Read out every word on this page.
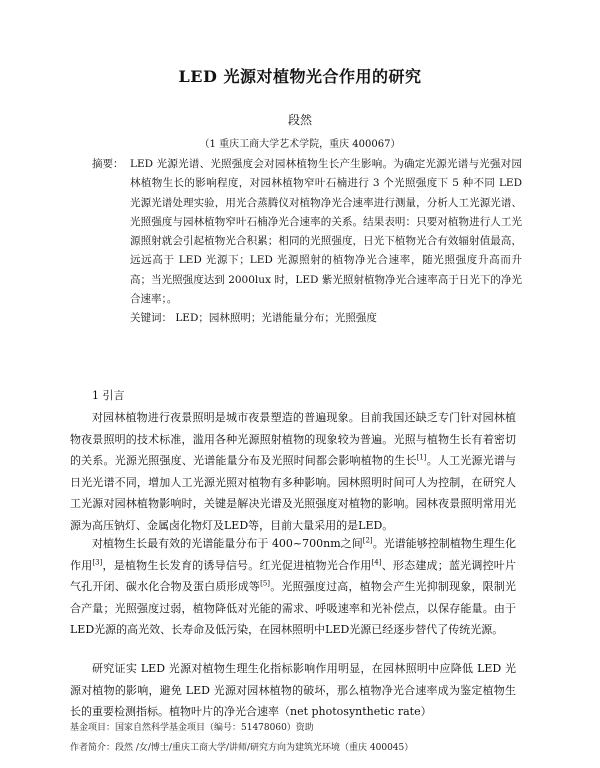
LED 光源对植物光合作用的研究
段然
（1 重庆工商大学艺术学院，重庆 400067）
摘要： LED 光源光谱、光照强度会对园林植物生长产生影响。为确定光源光谱与光强对园林植物生长的影响程度，对园林植物窄叶石楠进行 3 个光照强度下 5 种不同 LED 光源光谱处理实验，用光合蒸腾仪对植物净光合速率进行测量，分析人工光源光谱、光照强度与园林植物窄叶石楠净光合速率的关系。结果表明：只要对植物进行人工光源照射就会引起植物光合积累；相同的光照强度，日光下植物光合有效辐射值最高，远远高于 LED 光源下；LED 光源照射的植物净光合速率，随光照强度升高而升高；当光照强度达到 2000lux 时，LED 紫光照射植物净光合速率高于日光下的净光合速率；。
关键词： LED；园林照明；光谱能量分布；光照强度
1 引言
对园林植物进行夜景照明是城市夜景塑造的普遍现象。目前我国还缺乏专门针对园林植物夜景照明的技术标准，滥用各种光源照射植物的现象较为普遍。光照与植物生长有着密切的关系。光源光照强度、光谱能量分布及光照时间都会影响植物的生长[1]。人工光源光谱与日光光谱不同，增加人工光源光照对植物有多种影响。园林照明时间可人为控制，在研究人工光源对园林植物影响时，关键是解决光谱及光照强度对植物的影响。园林夜景照明常用光源为高压钠灯、金属卤化物灯及LED等，目前大量采用的是LED。
对植物生长最有效的光谱能量分布于 400~700nm之间[2]。光谱能够控制植物生理生化作用[3]，是植物生长发育的诱导信号。红光促进植物光合作用[4]、形态建成；蓝光调控叶片气孔开闭、碳水化合物及蛋白质形成等[5]。光照强度过高，植物会产生光抑制现象，限制光合产量；光照强度过弱，植物降低对光能的需求、呼吸速率和光补偿点，以保存能量。由于LED光源的高光效、长寿命及低污染，在园林照明中LED光源已经逐步替代了传统光源。
研究证实 LED 光源对植物生理生化指标影响作用明显，在园林照明中应降低 LED 光源对植物的影响，避免 LED 光源对园林植物的破坏，那么植物净光合速率成为鉴定植物生长的重要检测指标。植物叶片的净光合速率（net photosynthetic rate）
基金项目：国家自然科学基金项目（编号：51478060）资助
作者简介：段然 /女/博士/重庆工商大学/讲师/研究方向为建筑光环境（重庆 400045）
